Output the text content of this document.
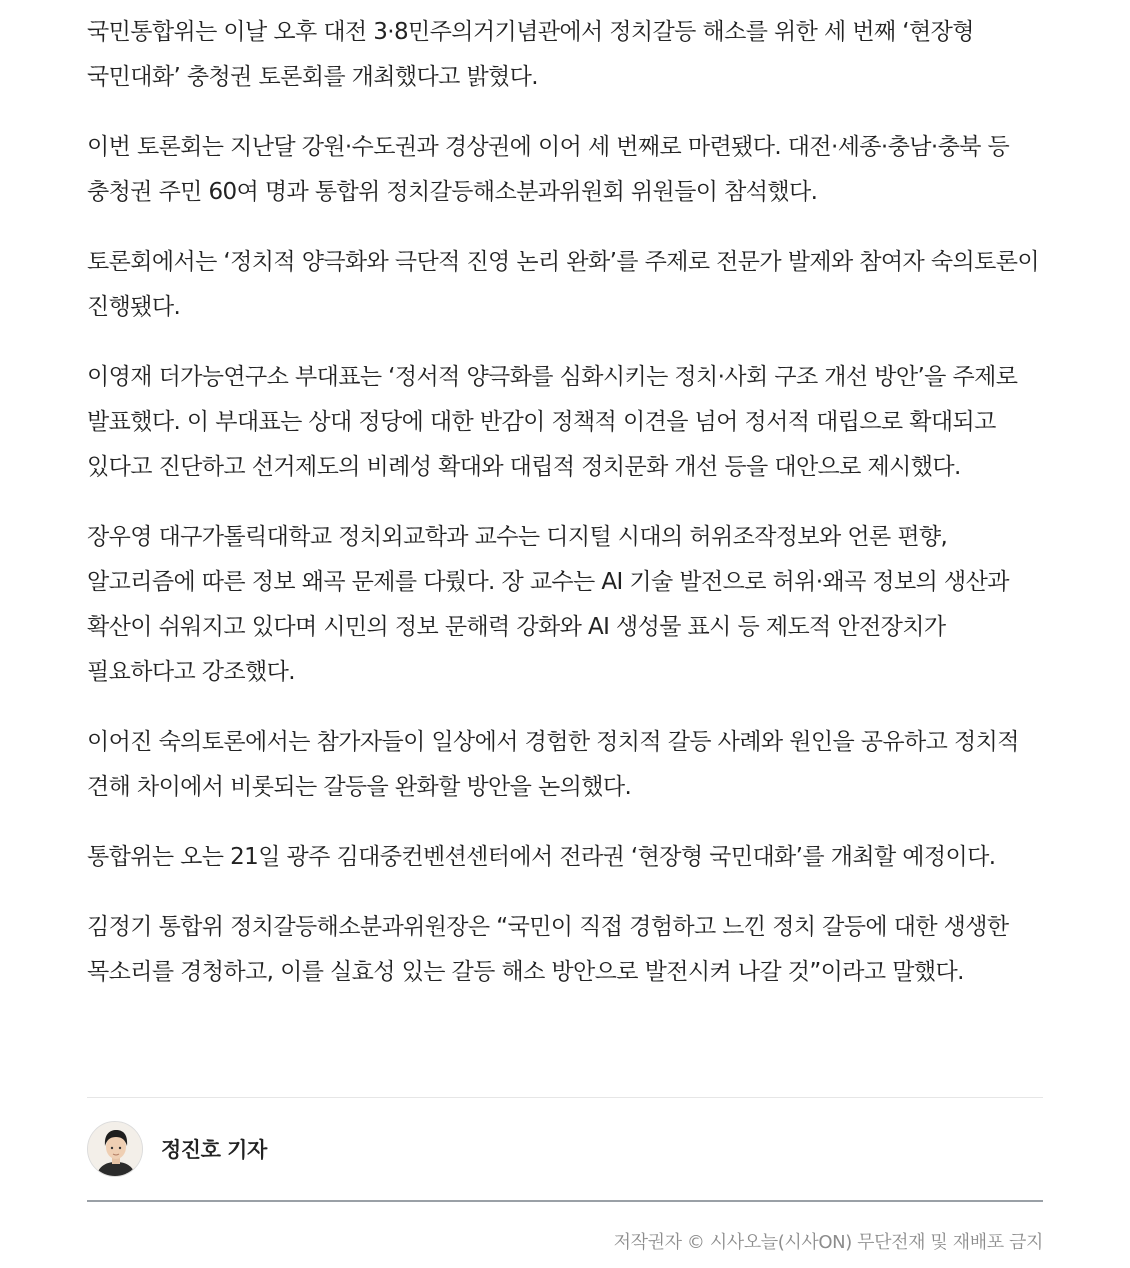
국민통합위는 이날 오후 대전 3·8민주의거기념관에서 정치갈등 해소를 위한 세 번째 ‘현장형 국민대화’ 충청권 토론회를 개최했다고 밝혔다.

이번 토론회는 지난달 강원·수도권과 경상권에 이어 세 번째로 마련됐다. 대전·세종·충남·충북 등 충청권 주민 60여 명과 통합위 정치갈등해소분과위원회 위원들이 참석했다.

토론회에서는 ‘정치적 양극화와 극단적 진영 논리 완화’를 주제로 전문가 발제와 참여자 숙의토론이 진행됐다.

이영재 더가능연구소 부대표는 ‘정서적 양극화를 심화시키는 정치·사회 구조 개선 방안’을 주제로 발표했다. 이 부대표는 상대 정당에 대한 반감이 정책적 이견을 넘어 정서적 대립으로 확대되고 있다고 진단하고 선거제도의 비례성 확대와 대립적 정치문화 개선 등을 대안으로 제시했다.

장우영 대구가톨릭대학교 정치외교학과 교수는 디지털 시대의 허위조작정보와 언론 편향, 알고리즘에 따른 정보 왜곡 문제를 다뤘다. 장 교수는 AI 기술 발전으로 허위·왜곡 정보의 생산과 확산이 쉬워지고 있다며 시민의 정보 문해력 강화와 AI 생성물 표시 등 제도적 안전장치가 필요하다고 강조했다.

이어진 숙의토론에서는 참가자들이 일상에서 경험한 정치적 갈등 사례와 원인을 공유하고 정치적 견해 차이에서 비롯되는 갈등을 완화할 방안을 논의했다.

통합위는 오는 21일 광주 김대중컨벤션센터에서 전라권 ‘현장형 국민대화’를 개최할 예정이다.

김정기 통합위 정치갈등해소분과위원장은 “국민이 직접 경험하고 느낀 정치 갈등에 대한 생생한 목소리를 경청하고, 이를 실효성 있는 갈등 해소 방안으로 발전시켜 나갈 것”이라고 말했다.

정진호 기자
저작권자 © 시사오늘(시사ON) 무단전재 및 재배포 금지
